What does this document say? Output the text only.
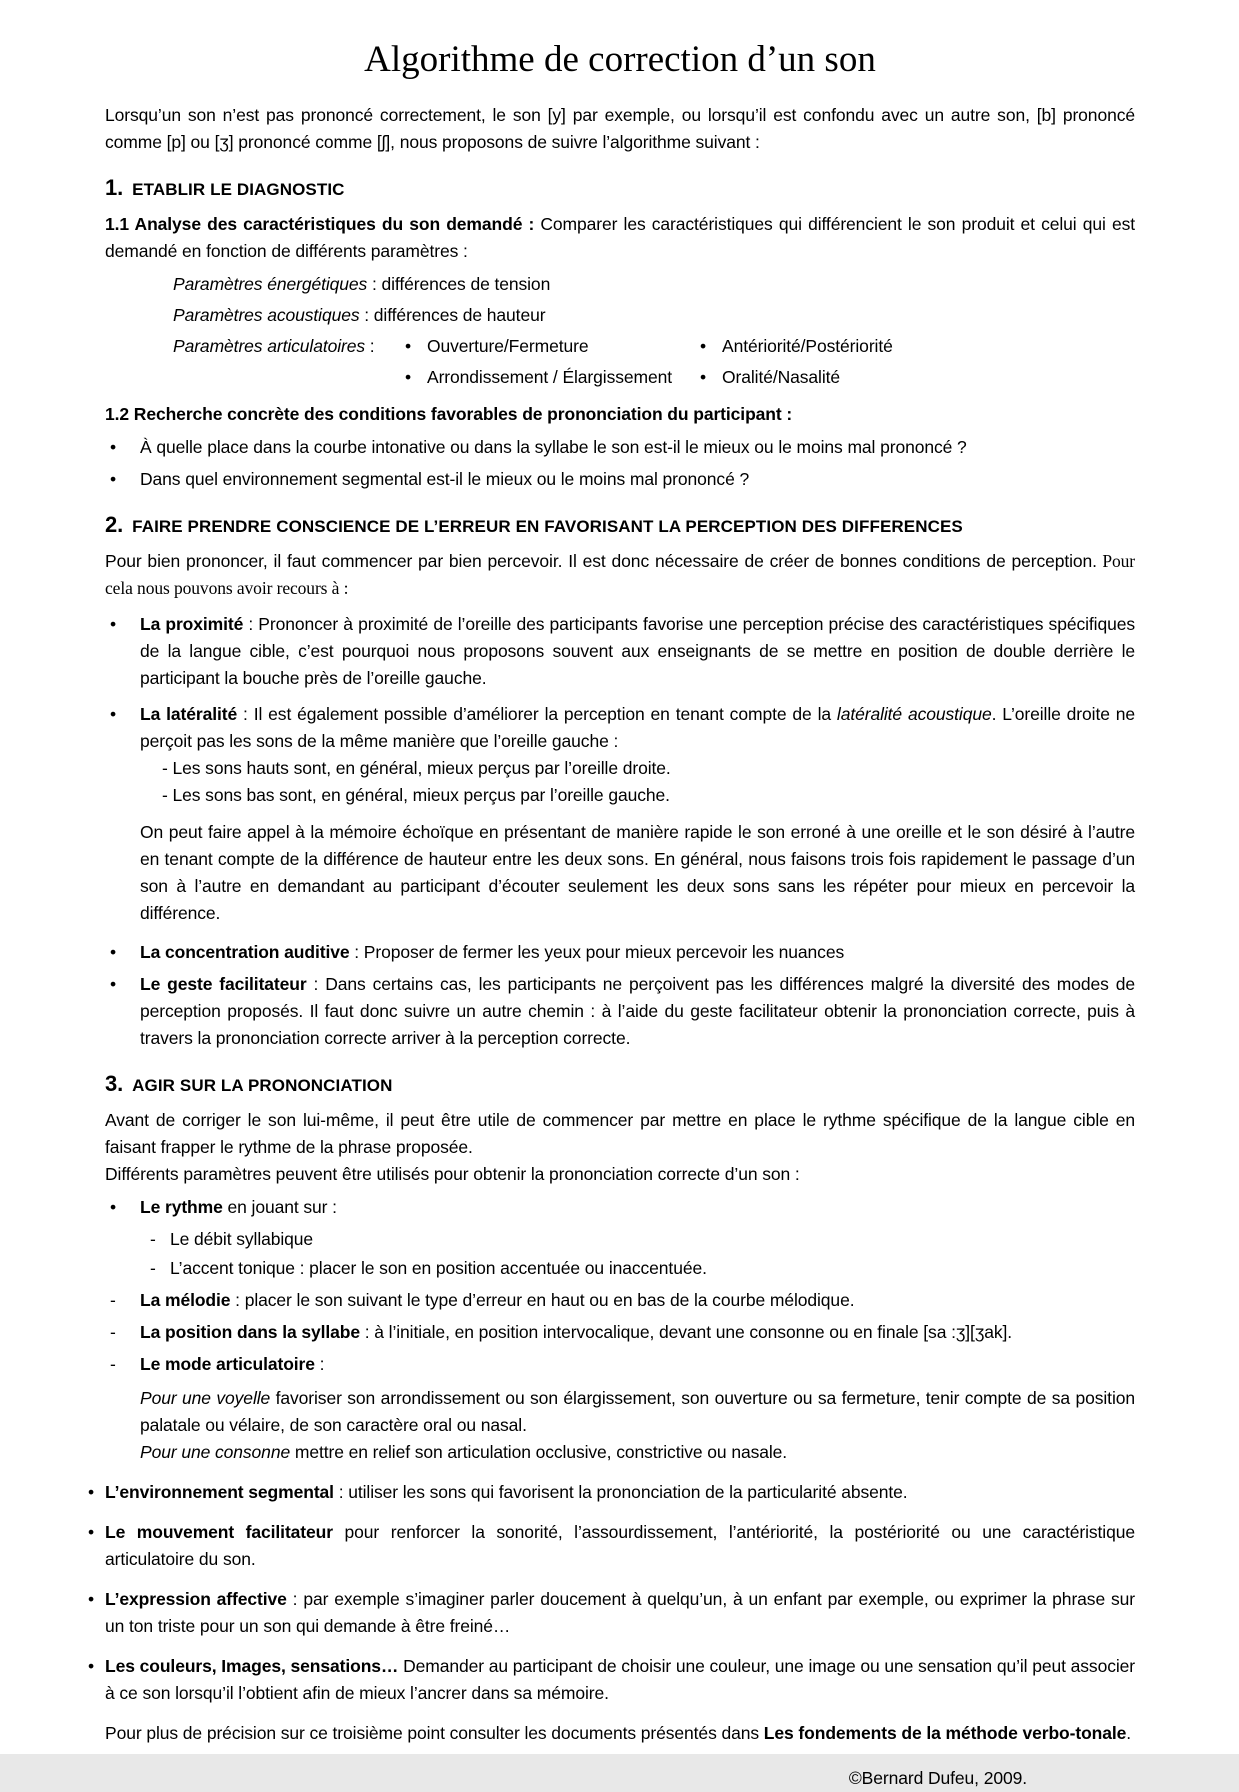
Algorithme de correction d’un son

Lorsqu’un son n’est pas prononcé correctement, le son [y] par exemple, ou lorsqu’il est confondu avec un autre son, [b] prononcé comme [p] ou [ʒ] prononcé comme [ʃ], nous proposons de suivre l’algorithme suivant :

1. ETABLIR LE DIAGNOSTIC

1.1 Analyse des caractéristiques du son demandé : Comparer les caractéristiques qui différencient le son produit et celui qui est demandé en fonction de différents paramètres :

Paramètres énergétiques : différences de tension
Paramètres acoustiques : différences de hauteur
Paramètres articulatoires :	• Ouverture/Fermeture	• Antériorité/Postériorité
• Arrondissement / Élargissement • Oralité/Nasalité

1.2 Recherche concrète des conditions favorables de prononciation du participant :

•	À quelle place dans la courbe intonative ou dans la syllabe le son est-il le mieux ou le moins mal prononcé ?
•	Dans quel environnement segmental est-il le mieux ou le moins mal prononcé ?
2. FAIRE PRENDRE CONSCIENCE DE L’ERREUR EN FAVORISANT LA PERCEPTION DES DIFFERENCES

Pour bien prononcer, il faut commencer par bien percevoir. Il est donc nécessaire de créer de bonnes conditions de perception. Pour cela nous pouvons avoir recours à :

•	La proximité : Prononcer à proximité de l’oreille des participants favorise une perception précise des caractéristiques spécifiques de la langue cible, c’est pourquoi nous proposons souvent aux enseignants de se mettre en position de double derrière le participant la bouche près de l’oreille gauche.
•	La latéralité : Il est également possible d’améliorer la perception en tenant compte de la latéralité acoustique. L’oreille droite ne perçoit pas les sons de la même manière que l’oreille gauche :
- Les sons hauts sont, en général, mieux perçus par l’oreille droite.
- Les sons bas sont, en général, mieux perçus par l’oreille gauche.

On peut faire appel à la mémoire échoïque en présentant de manière rapide le son erroné à une oreille et le son désiré à l’autre en tenant compte de la différence de hauteur entre les deux sons. En général, nous faisons trois fois rapidement le passage d’un son à l’autre en demandant au participant d’écouter seulement les deux sons sans les répéter pour mieux en percevoir la différence.

•	La concentration auditive : Proposer de fermer les yeux pour mieux percevoir les nuances
•	Le geste facilitateur : Dans certains cas, les participants ne perçoivent pas les différences malgré la diversité des modes de perception proposés. Il faut donc suivre un autre chemin : à l’aide du geste facilitateur obtenir la prononciation correcte, puis à travers la prononciation correcte arriver à la perception correcte.
3. AGIR SUR LA PRONONCIATION

Avant de corriger le son lui-même, il peut être utile de commencer par mettre en place le rythme spécifique de la langue cible en faisant frapper le rythme de la phrase proposée.

Différents paramètres peuvent être utilisés pour obtenir la prononciation correcte d’un son :

•	Le rythme en jouant sur :
- Le débit syllabique
- L’accent tonique : placer le son en position accentuée ou inaccentuée.
-	La mélodie : placer le son suivant le type d’erreur en haut ou en bas de la courbe mélodique.
-	La position dans la syllabe : à l’initiale, en position intervocalique, devant une consonne ou en finale [sa :ʒ][ʒak].
-	Le mode articulatoire :

Pour une voyelle favoriser son arrondissement ou son élargissement, son ouverture ou sa fermeture, tenir compte de sa position palatale ou vélaire, de son caractère oral ou nasal.

Pour une consonne mettre en relief son articulation occlusive, constrictive ou nasale.

• L’environnement segmental : utiliser les sons qui favorisent la prononciation de la particularité absente.
• Le mouvement facilitateur pour renforcer la sonorité, l’assourdissement, l’antériorité, la postériorité ou une caractéristique articulatoire du son.
• L’expression affective : par exemple s’imaginer parler doucement à quelqu’un, à un enfant par exemple, ou exprimer la phrase sur un ton triste pour un son qui demande à être freiné…
• Les couleurs, Images, sensations… Demander au participant de choisir une couleur, une image ou une sensation qu’il peut associer à ce son lorsqu’il l’obtient afin de mieux l’ancrer dans sa mémoire.

Pour plus de précision sur ce troisième point consulter les documents présentés dans Les fondements de la méthode verbo-tonale.

©Bernard Dufeu, 2009.
